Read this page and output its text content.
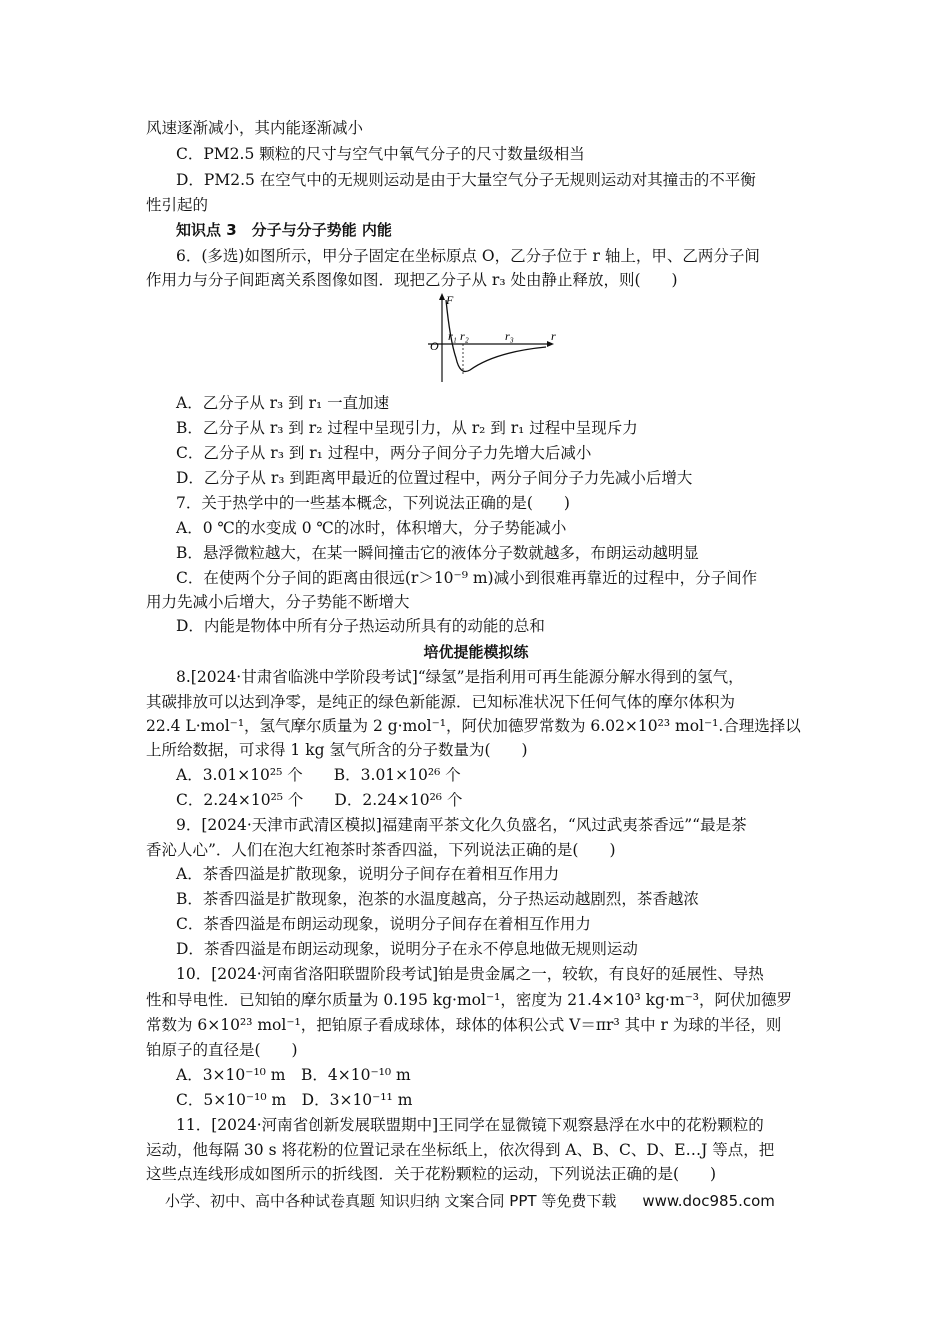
风速逐渐减小，其内能逐渐减小
C．PM2.5 颗粒的尺寸与空气中氧气分子的尺寸数量级相当
D．PM2.5 在空气中的无规则运动是由于大量空气分子无规则运动对其撞击的不平衡
性引起的
知识点 3　分子与分子势能 内能
6．(多选)如图所示，甲分子固定在坐标原点 O，乙分子位于 r 轴上，甲、乙两分子间
作用力与分子间距离关系图像如图．现把乙分子从 r₃ 处由静止释放，则(　　)
O
F
r
r₁ r₂	r₃
A．乙分子从 r₃ 到 r₁ 一直加速
B．乙分子从 r₃ 到 r₂ 过程中呈现引力，从 r₂ 到 r₁ 过程中呈现斥力
C．乙分子从 r₃ 到 r₁ 过程中，两分子间分子力先增大后减小
D．乙分子从 r₃ 到距离甲最近的位置过程中，两分子间分子力先减小后增大
7．关于热学中的一些基本概念，下列说法正确的是(　　)
A．0 ℃的水变成 0 ℃的冰时，体积增大，分子势能减小
B．悬浮微粒越大，在某一瞬间撞击它的液体分子数就越多，布朗运动越明显
C．在使两个分子间的距离由很远(r＞10⁻⁹ m)减小到很难再靠近的过程中，分子间作
用力先减小后增大，分子势能不断增大
D．内能是物体中所有分子热运动所具有的动能的总和
培优提能模拟练
8.[2024·甘肃省临洮中学阶段考试]“绿氢”是指利用可再生能源分解水得到的氢气，
其碳排放可以达到净零，是纯正的绿色新能源．已知标准状况下任何气体的摩尔体积为
22.4 L·mol⁻¹，氢气摩尔质量为 2 g·mol⁻¹，阿伏加德罗常数为 6.02×10²³ mol⁻¹.合理选择以
上所给数据，可求得 1 kg 氢气所含的分子数量为(　　)
A．3.01×10²⁵ 个　　B．3.01×10²⁶ 个
C．2.24×10²⁵ 个　　D．2.24×10²⁶ 个
9．[2024·天津市武清区模拟]福建南平茶文化久负盛名，“风过武夷茶香远”“最是茶
香沁人心”．人们在泡大红袍茶时茶香四溢，下列说法正确的是(　　)
A．茶香四溢是扩散现象，说明分子间存在着相互作用力
B．茶香四溢是扩散现象，泡茶的水温度越高，分子热运动越剧烈，茶香越浓
C．茶香四溢是布朗运动现象，说明分子间存在着相互作用力
D．茶香四溢是布朗运动现象，说明分子在永不停息地做无规则运动
10．[2024·河南省洛阳联盟阶段考试]铂是贵金属之一，较软，有良好的延展性、导热
性和导电性．已知铂的摩尔质量为 0.195 kg·mol⁻¹，密度为 21.4×10³ kg·m⁻³，阿伏加德罗
常数为 6×10²³ mol⁻¹，把铂原子看成球体，球体的体积公式 V＝πr³ 其中 r 为球的半径，则
铂原子的直径是(　　)
A．3×10⁻¹⁰ m　B．4×10⁻¹⁰ m
C．5×10⁻¹⁰ m　D．3×10⁻¹¹ m
11．[2024·河南省创新发展联盟期中]王同学在显微镜下观察悬浮在水中的花粉颗粒的
运动，他每隔 30 s 将花粉的位置记录在坐标纸上，依次得到 A、B、C、D、E…J 等点，把
这些点连线形成如图所示的折线图．关于花粉颗粒的运动，下列说法正确的是(　　)
小学、初中、高中各种试卷真题 知识归纳 文案合同 PPT 等免费下载 www.doc985.com
